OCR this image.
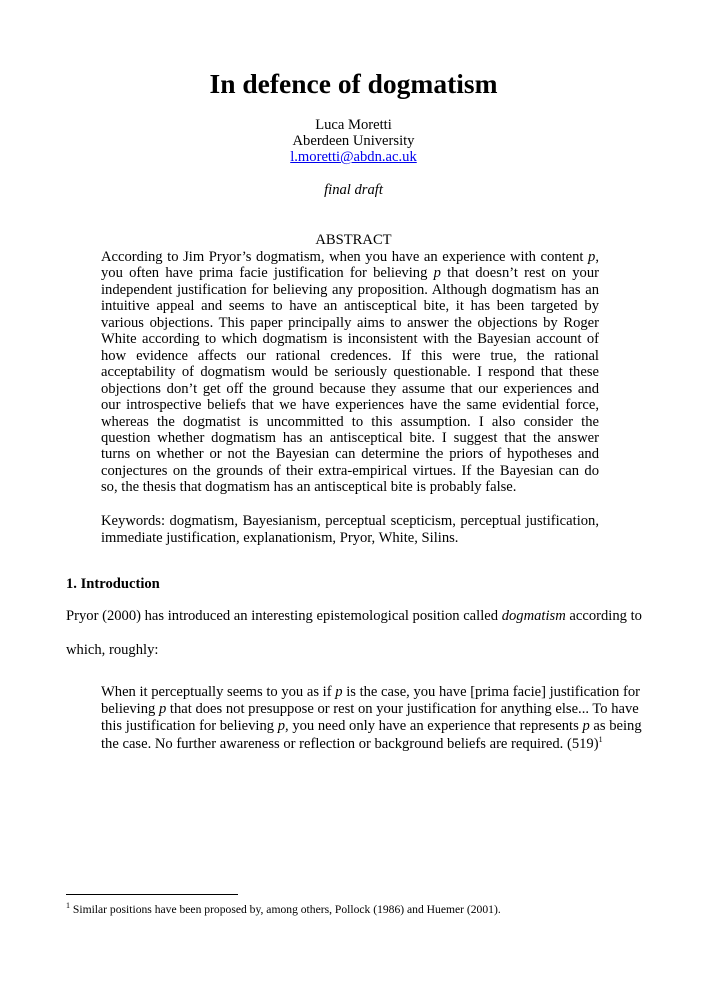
In defence of dogmatism
Luca Moretti
Aberdeen University
l.moretti@abdn.ac.uk
final draft
ABSTRACT
According to Jim Pryor’s dogmatism, when you have an experience with content p,
you often have prima facie justification for believing p that doesn’t rest on your
independent justification for believing any proposition. Although dogmatism has an
intuitive appeal and seems to have an antisceptical bite, it has been targeted by
various objections. This paper principally aims to answer the objections by Roger
White according to which dogmatism is inconsistent with the Bayesian account of
how evidence affects our rational credences. If this were true, the rational
acceptability of dogmatism would be seriously questionable. I respond that these
objections don’t get off the ground because they assume that our experiences and
our introspective beliefs that we have experiences have the same evidential force,
whereas the dogmatist is uncommitted to this assumption. I also consider the
question whether dogmatism has an antisceptical bite. I suggest that the answer
turns on whether or not the Bayesian can determine the priors of hypotheses and
conjectures on the grounds of their extra-empirical virtues. If the Bayesian can do
so, the thesis that dogmatism has an antisceptical bite is probably false.
Keywords: dogmatism, Bayesianism, perceptual scepticism, perceptual justification,
immediate justification, explanationism, Pryor, White, Silins.
1. Introduction
Pryor (2000) has introduced an interesting epistemological position called dogmatism according to
which, roughly:
When it perceptually seems to you as if p is the case, you have [prima facie] justification for
believing p that does not presuppose or rest on your justification for anything else... To have
this justification for believing p, you need only have an experience that represents p as being
the case. No further awareness or reflection or background beliefs are required. $(519)^1$
$^1$ Similar positions have been proposed by, among others, Pollock (1986) and Huemer (2001).
